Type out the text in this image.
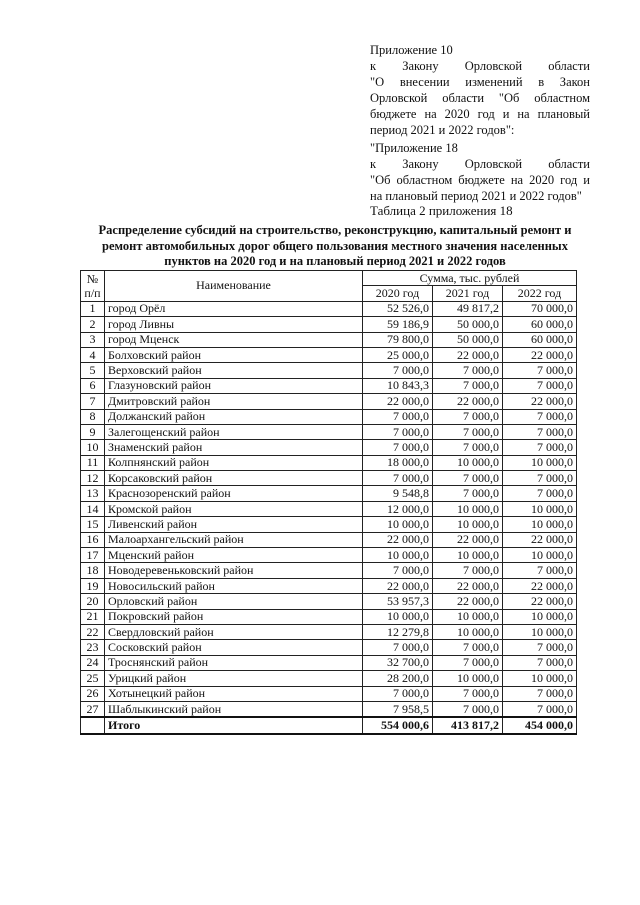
Приложение 10
к Закону Орловской области
"О внесении изменений в Закон
Орловской области "Об областном
бюджете на 2020 год и на плановый
период 2021 и 2022 годов":
"Приложение 18
к Закону Орловской области
"Об областном бюджете на 2020 год и
на плановый период 2021 и 2022 годов"
Таблица 2 приложения 18
Распределение субсидий на строительство, реконструкцию, капитальный ремонт и ремонт автомобильных дорог общего пользования местного значения населенных пунктов на 2020 год и на плановый период 2021 и 2022 годов
№
п/п	Наименование	Сумма, тыс. рублей		
		2020 год	2021 год	2022 год
1	город Орёл	52 526,0	49 817,2	70 000,0
2	город Ливны	59 186,9	50 000,0	60 000,0
3	город Мценск	79 800,0	50 000,0	60 000,0
4	Болховский район	25 000,0	22 000,0	22 000,0
5	Верховский район	7 000,0	7 000,0	7 000,0
6	Глазуновский район	10 843,3	7 000,0	7 000,0
7	Дмитровский район	22 000,0	22 000,0	22 000,0
8	Должанский район	7 000,0	7 000,0	7 000,0
9	Залегощенский район	7 000,0	7 000,0	7 000,0
10	Знаменский район	7 000,0	7 000,0	7 000,0
11	Колпнянский район	18 000,0	10 000,0	10 000,0
12	Корсаковский район	7 000,0	7 000,0	7 000,0
13	Краснозоренский район	9 548,8	7 000,0	7 000,0
14	Кромской район	12 000,0	10 000,0	10 000,0
15	Ливенский район	10 000,0	10 000,0	10 000,0
16	Малоархангельский район	22 000,0	22 000,0	22 000,0
17	Мценский район	10 000,0	10 000,0	10 000,0
18	Новодеревеньковский район	7 000,0	7 000,0	7 000,0
19	Новосильский район	22 000,0	22 000,0	22 000,0
20	Орловский район	53 957,3	22 000,0	22 000,0
21	Покровский район	10 000,0	10 000,0	10 000,0
22	Свердловский район	12 279,8	10 000,0	10 000,0
23	Сосковский район	7 000,0	7 000,0	7 000,0
24	Троснянский район	32 700,0	7 000,0	7 000,0
25	Урицкий район	28 200,0	10 000,0	10 000,0
26	Хотынецкий район	7 000,0	7 000,0	7 000,0
27	Шаблыкинский район	7 958,5	7 000,0	7 000,0
	Итого	554 000,6	413 817,2	454 000,0
